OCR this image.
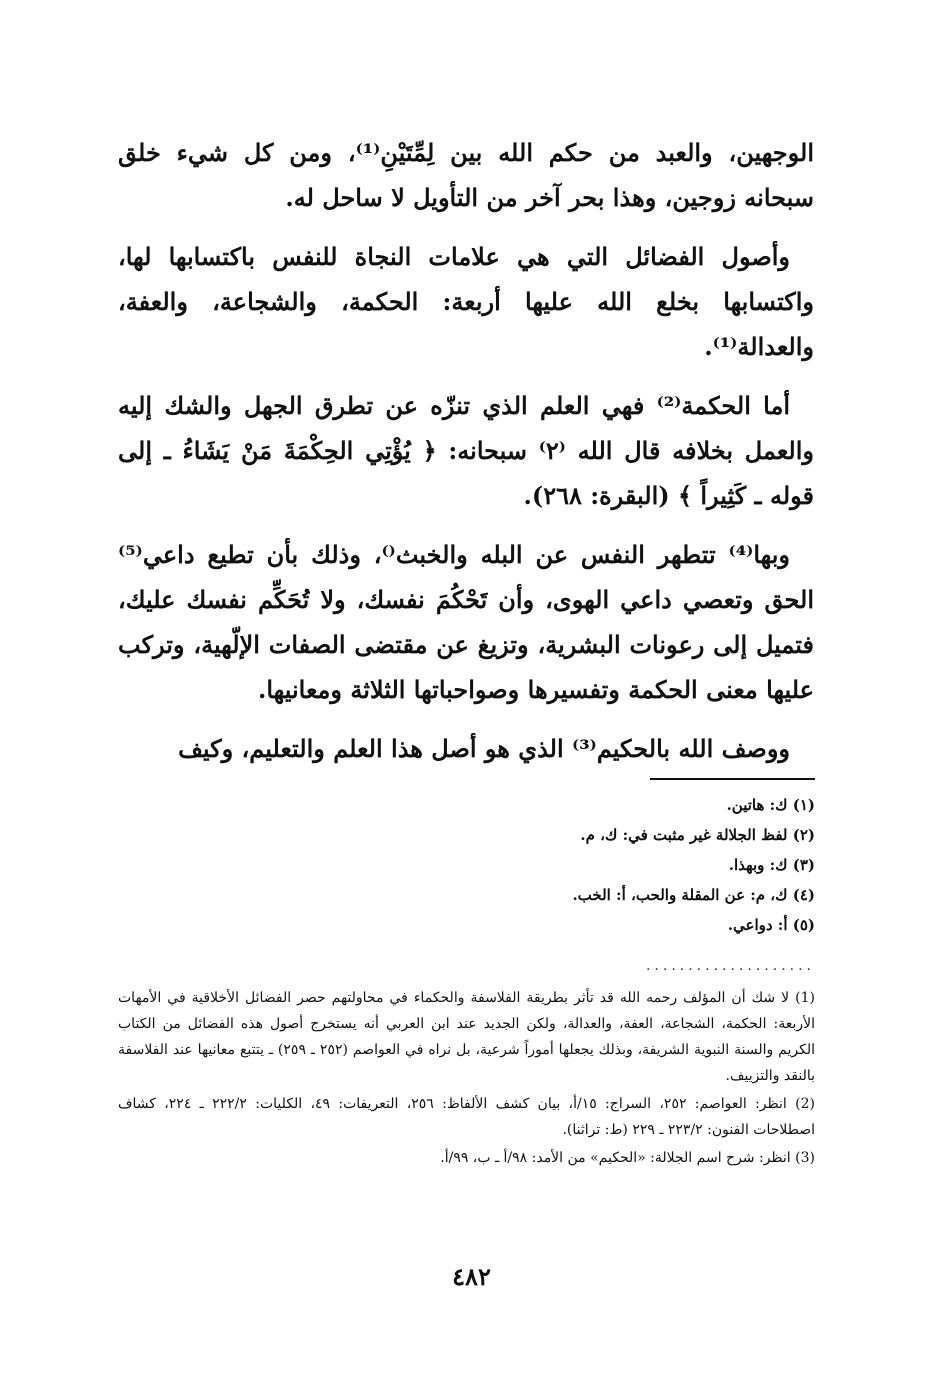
الوجهين، والعبد من حكم الله بين لِمِّتَيْنِ⁽¹⁾، ومن كل شيء خلق سبحانه زوجين، وهذا بحر آخر من التأويل لا ساحل له.

وأصول الفضائل التي هي علامات النجاة للنفس باكتسابها لها، واكتسابها بخلع الله عليها أربعة: الحكمة، والشجاعة، والعفة، والعدالة⁽¹⁾.

أما الحكمة⁽²⁾ فهي العلم الذي تنزّه عن تطرق الجهل والشك إليه والعمل بخلافه قال الله ⁽٢⁾ سبحانه: ﴿ يُؤْتِي الحِكْمَةَ مَنْ يَشَاءُ ـ إلى قوله ـ كَثِيراً ﴾ (البقرة: ٢٦٨).

وبها⁽⁴⁾ تتطهر النفس عن البله والخبث⁽⁤⁾، وذلك بأن تطيع داعي⁽⁵⁾ الحق وتعصي داعي الهوى، وأن تَحْكُمَ نفسك، ولا تُحَكِّم نفسك عليك، فتميل إلى رعونات البشرية، وتزيغ عن مقتضى الصفات الإلّهية، وتركب عليها معنى الحكمة وتفسيرها وصواحباتها الثلاثة ومعانيها.

ووصف الله بالحكيم⁽³⁾ الذي هو أصل هذا العلم والتعليم، وكيف

(١) ك: هاتين.
(٢) لفظ الجلالة غير مثبت في: ك، م.
(٣) ك: وبهذا.
(٤) ك، م: عن المقلة والحب، أ: الخب.
(٥) أ: دواعي.
....................

(1) لا شك أن المؤلف رحمه الله قد تأثر بطريقة الفلاسفة والحكماء في محاولتهم حصر الفضائل الأخلاقية في الأمهات الأربعة: الحكمة، الشجاعة، العفة، والعدالة، ولكن الجديد عند ابن العربي أنه يستخرج أصول هذه الفضائل من الكتاب الكريم والسنة النبوية الشريفة، وبذلك يجعلها أموراً شرعية، بل نراه في العواصم (٢٥٢ ـ ٢٥٩) ـ يتتبع معانيها عند الفلاسفة بالنقد والتزييف.

(2) انظر: العواصم: ٢٥٢، السراج: ١٥/أ، بيان كشف الألفاظ: ٢٥٦، التعريفات: ٤٩، الكليات: ٢٢٢/٢ ـ ٢٢٤، كشاف اصطلاحات الفنون: ٢٢٣/٢ ـ ٢٢٩ (ط: تراثنا).

(3) انظر: شرح اسم الجلالة: «الحكيم» من الأمد: ٩٨/أ ـ ب، ٩٩/أ.

٤٨٢
